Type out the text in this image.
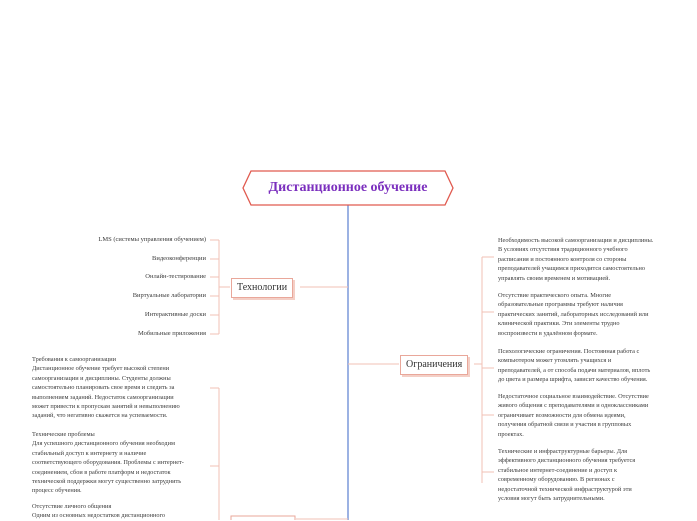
Дистанционное обучение
Технологии
LMS (системы управления обучением)
Видеоконференции
Онлайн-тестирование
Виртуальные лаборатории
Интерактивные доски
Мобильные приложения
Ограничения
Необходимость высокой самоорганизации и дисциплины.
В условиях отсутствия традиционного учебного
расписания и постоянного контроля со стороны
преподавателей учащимся приходится самостоятельно
управлять своим временем и мотивацией.
Отсутствие практического опыта. Многие
образовательные программы требуют наличия
практических занятий, лабораторных исследований или
клинической практики. Эти элементы трудно
воспроизвести в удалённом формате.
Психологические ограничения. Постоянная работа с
компьютером может утомлять учащихся и
преподавателей, а от способа подачи материалов, вплоть
до цвета и размера шрифта, зависит качество обучения.
Недостаточное социальное взаимодействие. Отсутствие
живого общения с преподавателями и одноклассниками
ограничивает возможности для обмена идеями,
получения обратной связи и участия в групповых
проектах.
Технические и инфраструктурные барьеры. Для
эффективного дистанционного обучения требуется
стабильное интернет-соединение и доступ к
современному оборудованию. В регионах с
недостаточной технической инфраструктурой эти
условия могут быть затруднительными.
Требования к самоорганизации
Дистанционное обучение требует высокой степени
самоорганизации и дисциплины. Студенты должны
самостоятельно планировать свое время и следить за
выполнением заданий. Недостаток самоорганизации
может привести к пропускам занятий и невыполнению
заданий, что негативно скажется на успеваемости.
Технические проблемы
Для успешного дистанционного обучения необходим
стабильный доступ к интернету и наличие
соответствующего оборудования. Проблемы с интернет-
соединением, сбои в работе платформ и недостаток
технической поддержки могут существенно затруднить
процесс обучения.
Отсутствие личного общения
Одним из основных недостатков дистанционного
